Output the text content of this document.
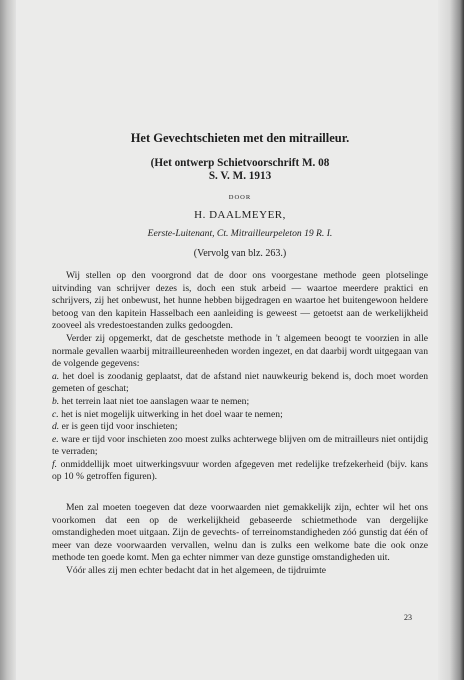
Het Gevechtschieten met den mitrailleur.
(Het ontwerp Schietvoorschrift M. 08
S. V. M. 1913
DOOR
H. DAALMEYER,
Eerste-Luitenant, Ct. Mitrailleurpeleton 19 R. I.
(Vervolg van blz. 263.)

Wij stellen op den voorgrond dat de door ons voorgestane methode geen plotselinge uitvinding van schrijver dezes is, doch een stuk arbeid — waartoe meerdere praktici en schrijvers, zij het onbewust, het hunne hebben bijgedragen en waartoe het buitengewoon heldere betoog van den kapitein Hasselbach een aanleiding is geweest — getoetst aan de werkelijkheid zooveel als vredestoestanden zulks gedoogden.

Verder zij opgemerkt, dat de geschetste methode in 't algemeen beoogt te voorzien in alle normale gevallen waarbij mitrailleureenheden worden ingezet, en dat daarbij wordt uitgegaan van de volgende gegevens:

a. het doel is zoodanig geplaatst, dat de afstand niet nauwkeurig bekend is, doch moet worden gemeten of geschat;
b. het terrein laat niet toe aanslagen waar te nemen;
c. het is niet mogelijk uitwerking in het doel waar te nemen;
d. er is geen tijd voor inschieten;
e. ware er tijd voor inschieten zoo moest zulks achterwege blijven om de mitrailleurs niet ontijdig te verraden;
f. onmiddellijk moet uitwerkingsvuur worden afgegeven met redelijke trefzekerheid (bijv. kans op 10 % getroffen figuren).

Men zal moeten toegeven dat deze voorwaarden niet gemakkelijk zijn, echter wil het ons voorkomen dat een op de werkelijkheid gebaseerde schietmethode van dergelijke omstandigheden moet uitgaan. Zijn de gevechts- of terreinomstandigheden zóó gunstig dat één of meer van deze voorwaarden vervallen, welnu dan is zulks een welkome bate die ook onze methode ten goede komt. Men ga echter nimmer van deze gunstige omstandigheden uit.

Vóór alles zij men echter bedacht dat in het algemeen, de tijdruimte

23
